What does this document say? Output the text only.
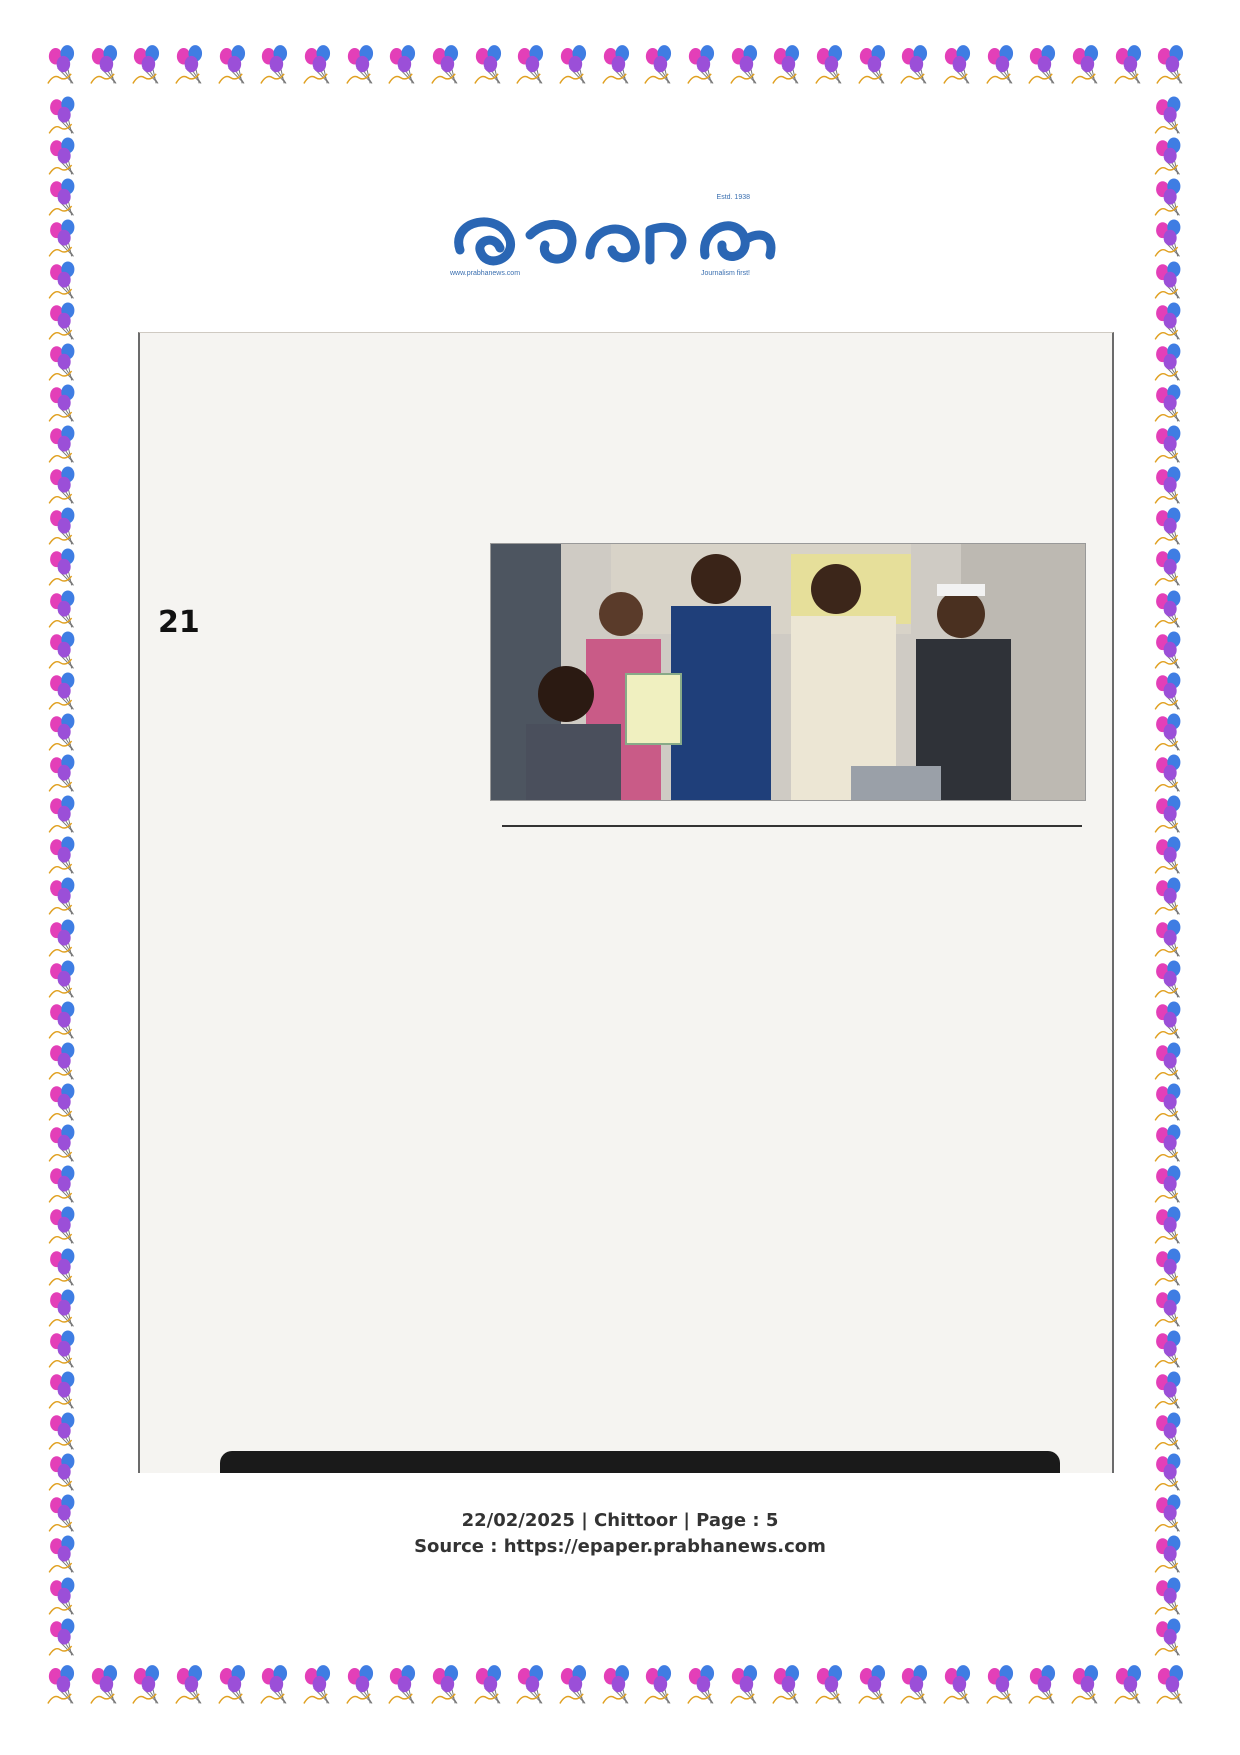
Estd. 1938
www.prabhanews.com	Journalism first!
21
22/02/2025 | Chittoor | Page : 5
Source : https://epaper.prabhanews.com
